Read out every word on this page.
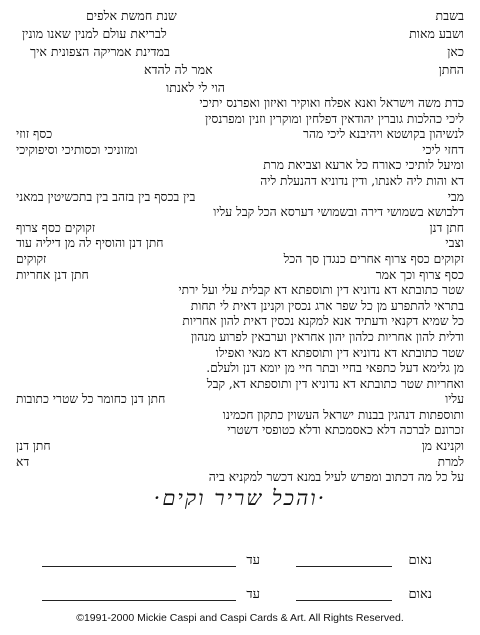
בשבת
שנת חמשת אלפים
ושבע מאות
לבריאת עולם למנין שאנו מונין
כאן
במדינת אמריקה הצפונית איך
החתן
אמר לה להדא
הוי לי לאנתו
כדת משה וישראל ואנא אפלח ואוקיר ואיזון ואפרנס יתיכי
ליכי כהלכות גוברין יהודאין דפלחין ומוקרין וזנין ומפרנסין
לנשיהון בקושטא ויהיבנא ליכי מהר
כסף זוזי
דחזי ליכי
ומזוניכי וכסותיכי וסיפוקיכי
ומיעל לותיכי כאורח כל ארעא וצביאת מרת
דא והות ליה לאנתו, ודין נדוניא דהנעלת ליה
מבי
בין בכסף בין בזהב בין בתכשיטין במאני
דלבושא בשמושי דירה ובשמושי דערסא הכל קבל עליו
חתן דנן
זקוקים כסף צרוף
וצבי
חתן דנן והוסיף לה מן דיליה עוד
זקוקים כסף צרוף אחרים כנגדן סך הכל
זקוקים
כסף צרוף וכך אמר
חתן דנן אחריות
שטר כתובתא דא נדוניא דין ותוספתא דא קבלית עלי ועל ירתי
בתראי להתפרע מן כל שפר ארג נכסין וקנינן דאית לי תחות
כל שמיא דקנאי ודעתיד אנא למקנא נכסין דאית להון אחריות
ודלית להון אחריות כלהון יהון אחראין וערבאין לפרוע מנהון
שטר כתובתא דא נדוניא דין ותוספתא דא מנאי ואפילו
מן גלימא דעל כתפאי בחיי ובתר חיי מן יומא דנן ולעלם.
ואחריות שטר כתובתא דא נדוניא דין ותוספתא דא, קבל
עליו
חתן דנן כחומר כל שטרי כתובות
ותוספתות דנהגין בבנות ישראל העשוין כתקון חכמינו
זכרונם לברכה דלא כאסמכתא ודלא כטופסי דשטרי
וקנינא מן
חתן דנן
למרת
דא
על כל מה דכתוב ומפרש לעיל במנא דכשר למקניא ביה
·והכל שריר וקים·
נאום
עד
נאום
עד
©1991-2000 Mickie Caspi and Caspi Cards & Art. All Rights Reserved.
